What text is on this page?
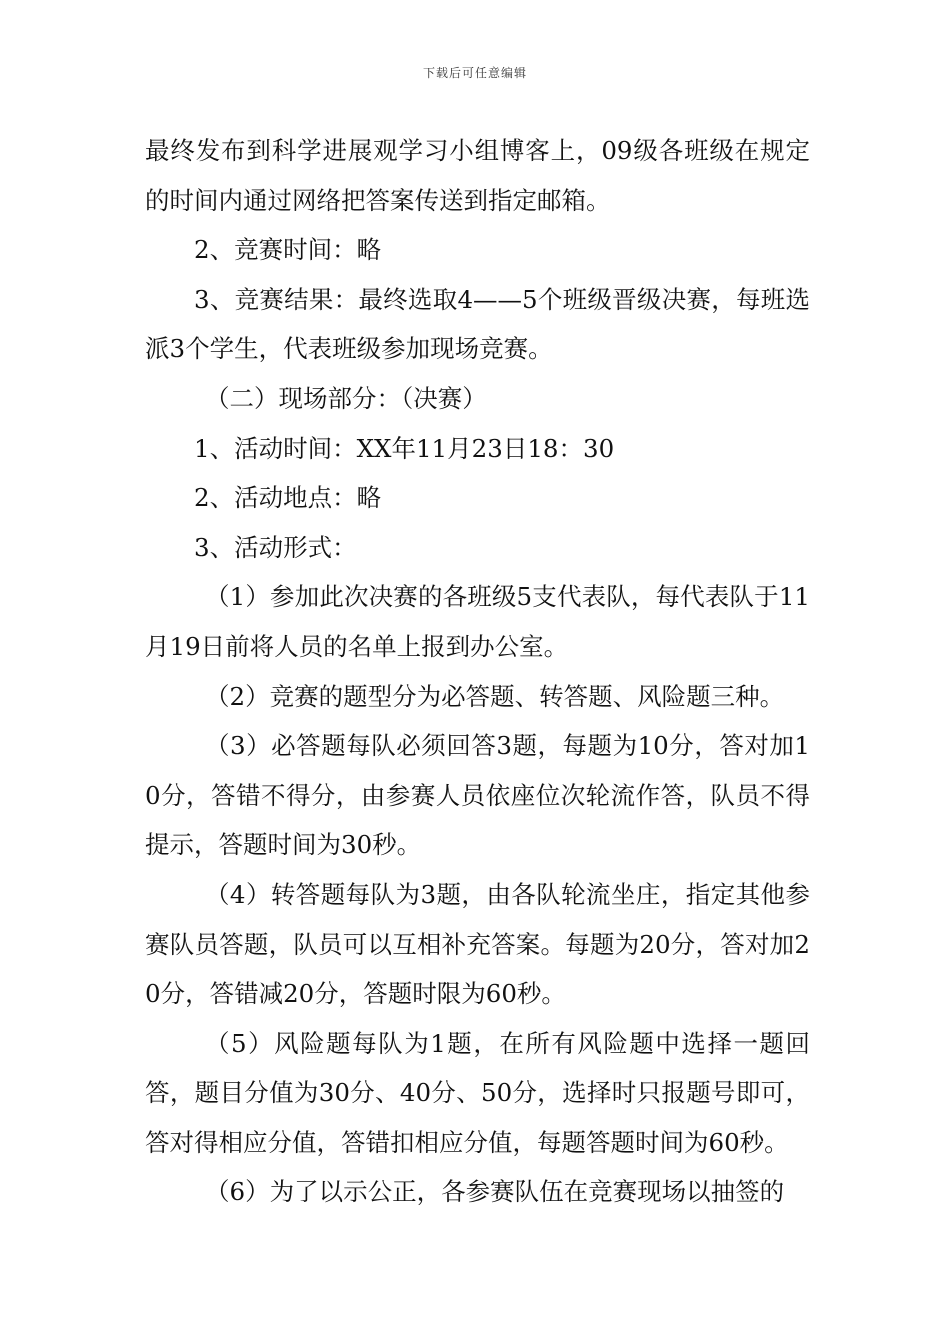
下载后可任意编辑

最终发布到科学进展观学习小组博客上，09级各班级在规定的时间内通过网络把答案传送到指定邮箱。

2、竞赛时间：略

3、竞赛结果：最终选取4——5个班级晋级决赛，每班选派3个学生，代表班级参加现场竞赛。

（二）现场部分：（决赛）

1、活动时间：XX年11月23日18：30

2、活动地点：略

3、活动形式：

（1）参加此次决赛的各班级5支代表队，每代表队于11月19日前将人员的名单上报到办公室。

（2）竞赛的题型分为必答题、转答题、风险题三种。

（3）必答题每队必须回答3题，每题为10分，答对加10分，答错不得分，由参赛人员依座位次轮流作答，队员不得提示，答题时间为30秒。

（4）转答题每队为3题，由各队轮流坐庄，指定其他参赛队员答题，队员可以互相补充答案。每题为20分，答对加20分，答错减20分，答题时限为60秒。

（5）风险题每队为1题，在所有风险题中选择一题回答，题目分值为30分、40分、50分，选择时只报题号即可，答对得相应分值，答错扣相应分值，每题答题时间为60秒。

（6）为了以示公正，各参赛队伍在竞赛现场以抽签的
